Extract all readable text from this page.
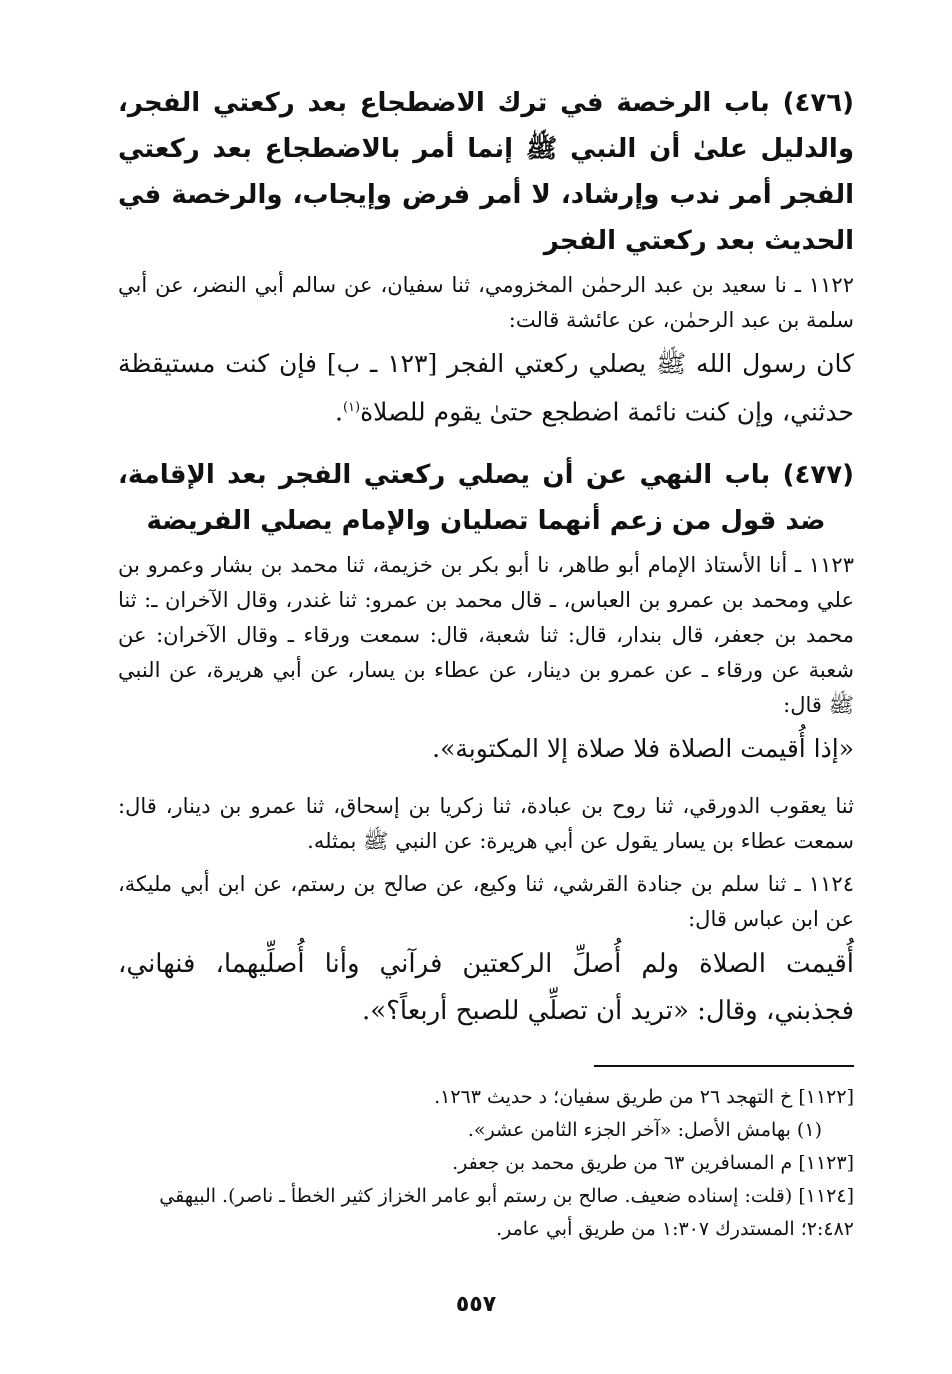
(٤٧٦) باب الرخصة في ترك الاضطجاع بعد ركعتي الفجر، والدليل علىٰ أن النبي ﷺ إنما أمر بالاضطجاع بعد ركعتي الفجر أمر ندب وإرشاد، لا أمر فرض وإيجاب، والرخصة في الحديث بعد ركعتي الفجر

١١٢٢ ـ نا سعيد بن عبد الرحمٰن المخزومي، ثنا سفيان، عن سالم أبي النضر، عن أبي سلمة بن عبد الرحمٰن، عن عائشة قالت:

كان رسول الله ﷺ يصلي ركعتي الفجر [١٢٣ ـ ب] فإن كنت مستيقظة حدثني، وإن كنت نائمة اضطجع حتىٰ يقوم للصلاة$^{(١)}$.

(٤٧٧) باب النهي عن أن يصلي ركعتي الفجر بعد الإقامة، ضد قول من زعم أنهما تصليان والإمام يصلي الفريضة

١١٢٣ ـ أنا الأستاذ الإمام أبو طاهر، نا أبو بكر بن خزيمة، ثنا محمد بن بشار وعمرو بن علي ومحمد بن عمرو بن العباس، ـ قال محمد بن عمرو: ثنا غندر، وقال الآخران ـ: ثنا محمد بن جعفر، قال بندار، قال: ثنا شعبة، قال: سمعت ورقاء ـ وقال الآخران: عن شعبة عن ورقاء ـ عن عمرو بن دينار، عن عطاء بن يسار، عن أبي هريرة، عن النبي ﷺ قال:

«إذا أُقيمت الصلاة فلا صلاة إلا المكتوبة».

ثنا يعقوب الدورقي، ثنا روح بن عبادة، ثنا زكريا بن إسحاق، ثنا عمرو بن دينار، قال: سمعت عطاء بن يسار يقول عن أبي هريرة: عن النبي ﷺ بمثله.

١١٢٤ ـ ثنا سلم بن جنادة القرشي، ثنا وكيع، عن صالح بن رستم، عن ابن أبي مليكة، عن ابن عباس قال:

أُقيمت الصلاة ولم أُصلِّ الركعتين فرآني وأنا أُصلِّيهما، فنهاني، فجذبني، وقال: «تريد أن تصلِّي للصبح أربعاً؟».

[١١٢٢] خ التهجد ٢٦ من طريق سفيان؛ د حديث ١٢٦٣.

(١) بهامش الأصل: «آخر الجزء الثامن عشر».

[١١٢٣] م المسافرين ٦٣ من طريق محمد بن جعفر.

[١١٢٤] (قلت: إسناده ضعيف. صالح بن رستم أبو عامر الخزاز كثير الخطأ ـ ناصر). البيهقي ٢:٤٨٢؛ المستدرك ١:٣٠٧ من طريق أبي عامر.

٥٥٧
